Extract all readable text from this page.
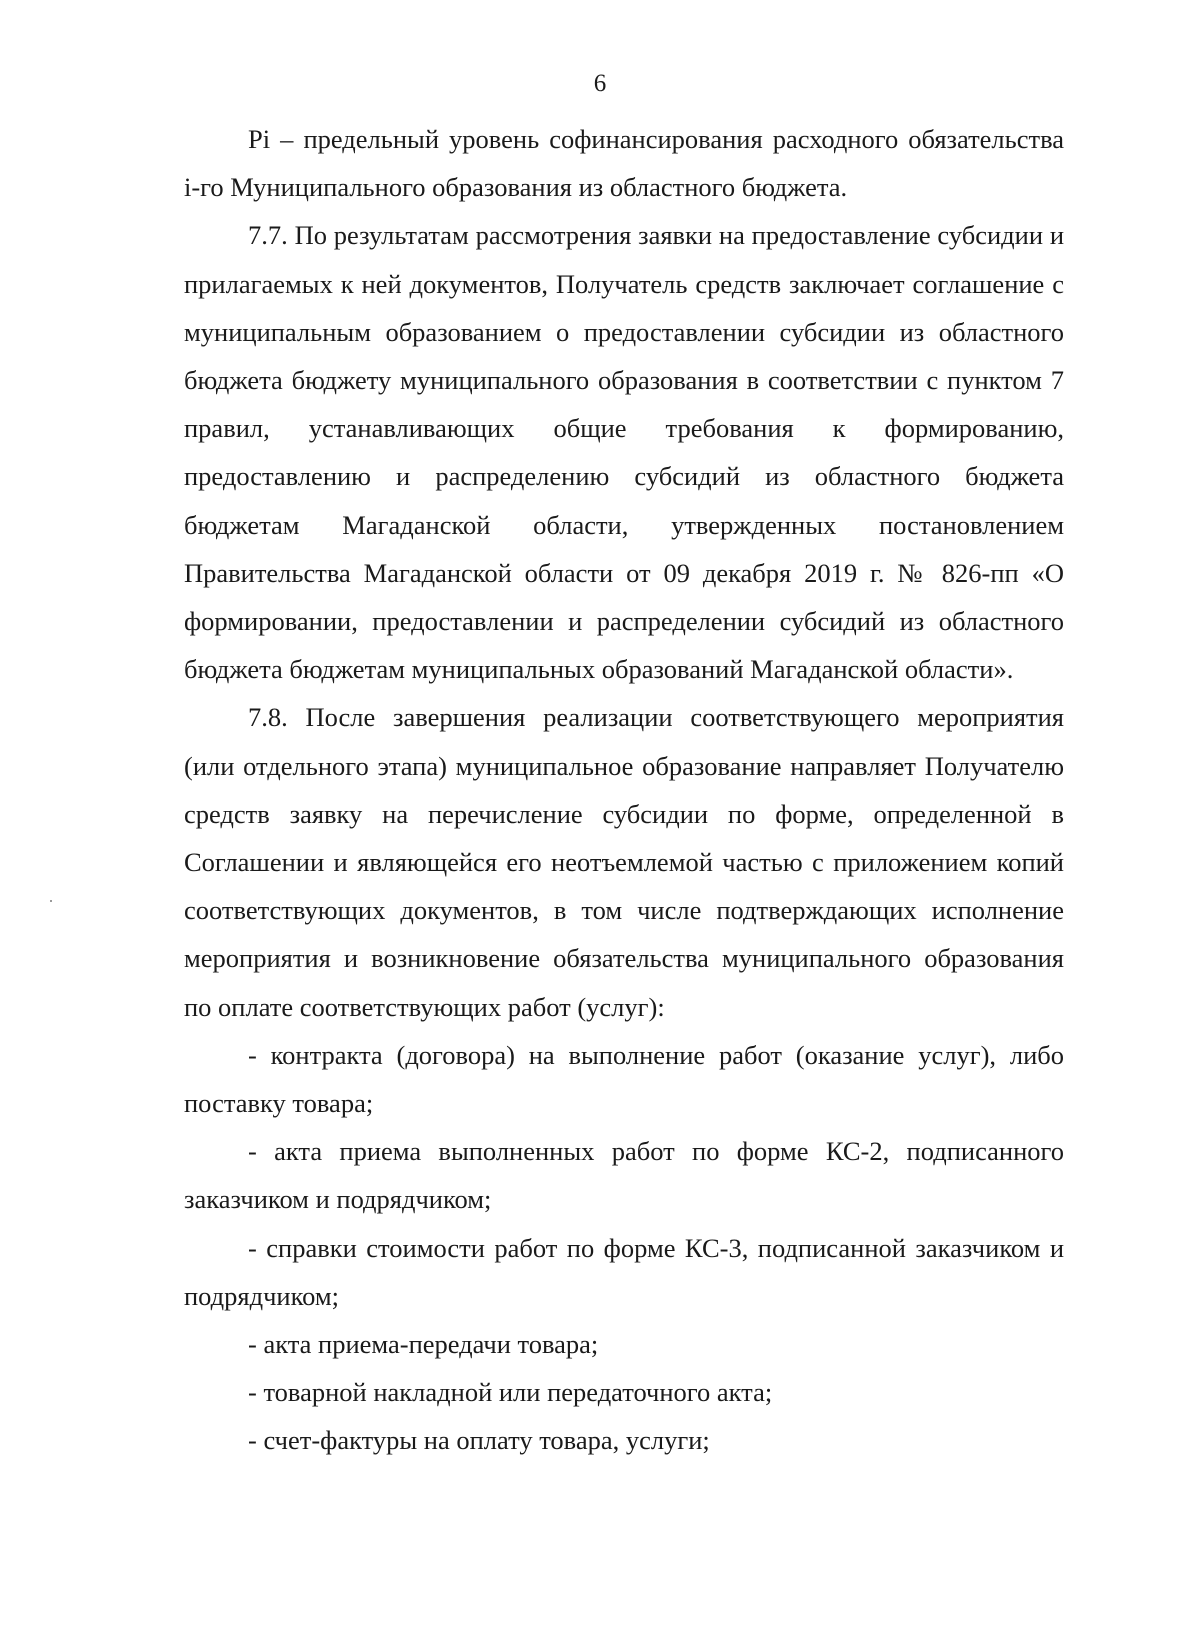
6

Pi – предельный уровень софинансирования расходного обязательства i-го Муниципального образования из областного бюджета.

7.7. По результатам рассмотрения заявки на предоставление субсидии и прилагаемых к ней документов, Получатель средств заключает соглашение с муниципальным образованием о предоставлении субсидии из областного бюджета бюджету муниципального образования в соответствии с пунктом 7 правил, устанавливающих общие требования к формированию, предоставлению и распределению субсидий из областного бюджета бюджетам Магаданской области, утвержденных постановлением Правительства Магаданской области от 09 декабря 2019 г. № 826-пп «О формировании, предоставлении и распределении субсидий из областного бюджета бюджетам муниципальных образований Магаданской области».

7.8. После завершения реализации соответствующего мероприятия (или отдельного этапа) муниципальное образование направляет Получателю средств заявку на перечисление субсидии по форме, определенной в Соглашении и являющейся его неотъемлемой частью с приложением копий соответствующих документов, в том числе подтверждающих исполнение мероприятия и возникновение обязательства муниципального образования по оплате соответствующих работ (услуг):

- контракта (договора) на выполнение работ (оказание услуг), либо поставку товара;

- акта приема выполненных работ по форме КС-2, подписанного заказчиком и подрядчиком;

- справки стоимости работ по форме КС-3, подписанной заказчиком и подрядчиком;

- акта приема-передачи товара;

- товарной накладной или передаточного акта;

- счет-фактуры на оплату товара, услуги;
